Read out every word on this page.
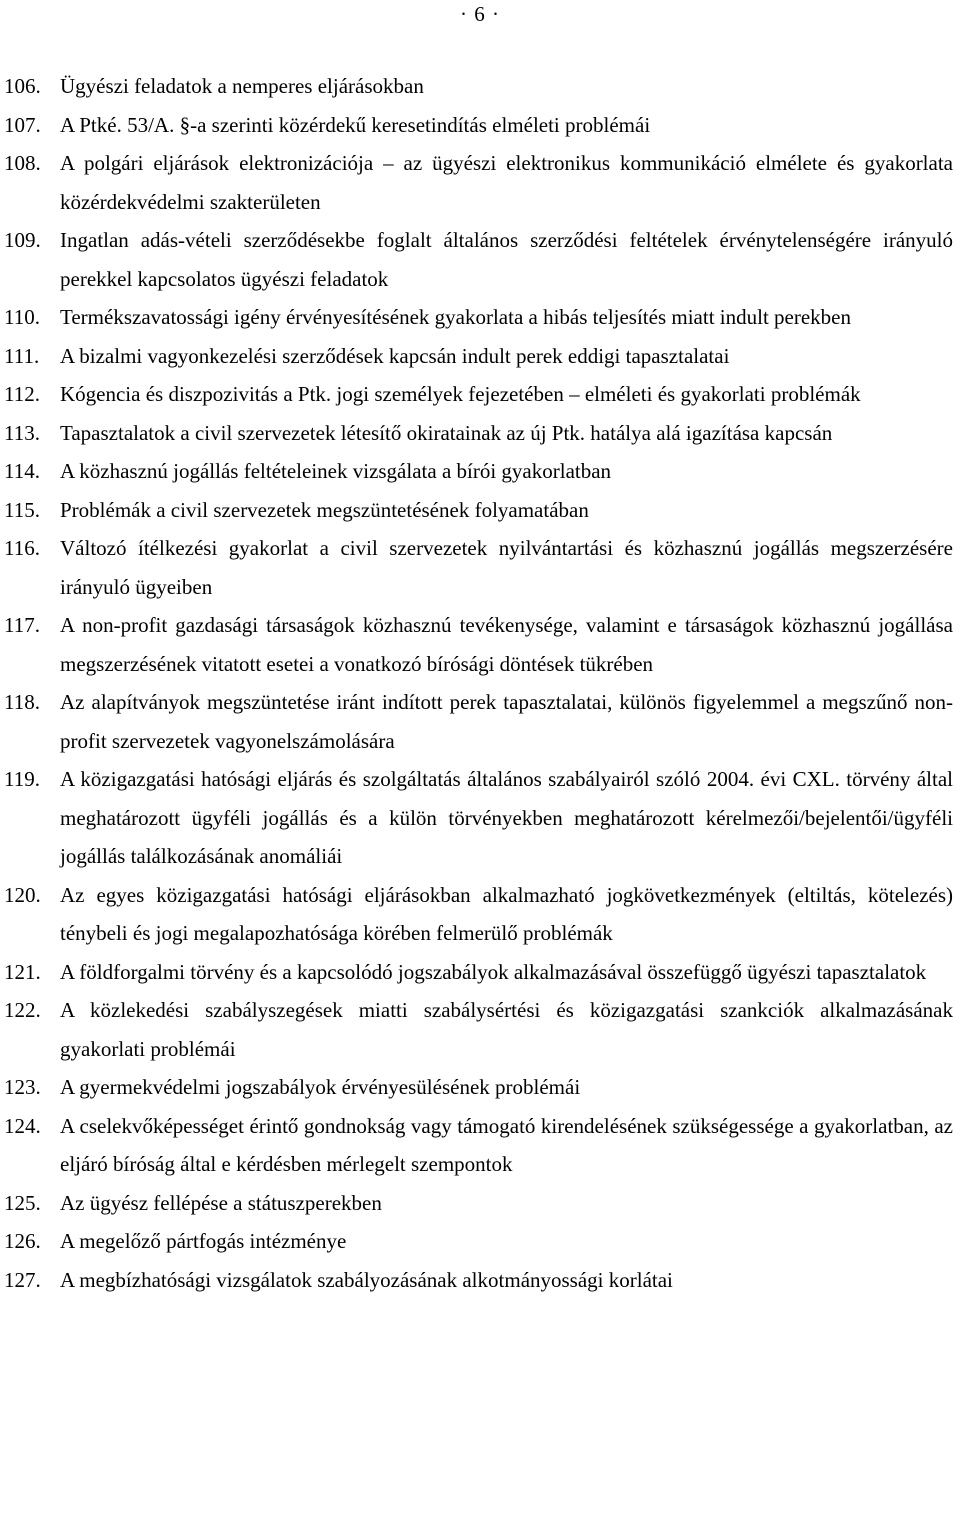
· 6 ·
106. Ügyészi feladatok a nemperes eljárásokban
107. A Ptké. 53/A. §-a szerinti közérdekű keresetindítás elméleti problémái
108. A polgári eljárások elektronizációja – az ügyészi elektronikus kommunikáció elmélete és gyakorlata közérdekvédelmi szakterületen
109. Ingatlan adás-vételi szerződésekbe foglalt általános szerződési feltételek érvénytelenségére irányuló perekkel kapcsolatos ügyészi feladatok
110. Termékszavatossági igény érvényesítésének gyakorlata a hibás teljesítés miatt indult perekben
111. A bizalmi vagyonkezelési szerződések kapcsán indult perek eddigi tapasztalatai
112. Kógencia és diszpozivitás a Ptk. jogi személyek fejezetében – elméleti és gyakorlati problémák
113. Tapasztalatok a civil szervezetek létesítő okiratainak az új Ptk. hatálya alá igazítása kapcsán
114. A közhasznú jogállás feltételeinek vizsgálata a bírói gyakorlatban
115. Problémák a civil szervezetek megszüntetésének folyamatában
116. Változó ítélkezési gyakorlat a civil szervezetek nyilvántartási és közhasznú jogállás megszerzésére irányuló ügyeiben
117. A non-profit gazdasági társaságok közhasznú tevékenysége, valamint e társaságok közhasznú jogállása megszerzésének vitatott esetei a vonatkozó bírósági döntések tükrében
118. Az alapítványok megszüntetése iránt indított perek tapasztalatai, különös figyelemmel a megszűnő non-profit szervezetek vagyonelszámolására
119. A közigazgatási hatósági eljárás és szolgáltatás általános szabályairól szóló 2004. évi CXL. törvény által meghatározott ügyféli jogállás és a külön törvényekben meghatározott kérelmezői/bejelentői/ügyféli jogállás találkozásának anomáliái
120. Az egyes közigazgatási hatósági eljárásokban alkalmazható jogkövetkezmények (eltiltás, kötelezés) ténybeli és jogi megalapozhatósága körében felmerülő problémák
121. A földforgalmi törvény és a kapcsolódó jogszabályok alkalmazásával összefüggő ügyészi tapasztalatok
122. A közlekedési szabályszegések miatti szabálysértési és közigazgatási szankciók alkalmazásának gyakorlati problémái
123. A gyermekvédelmi jogszabályok érvényesülésének problémái
124. A cselekvőképességet érintő gondnokság vagy támogató kirendelésének szükségessége a gyakorlatban, az eljáró bíróság által e kérdésben mérlegelt szempontok
125. Az ügyész fellépése a státuszperekben
126. A megelőző pártfogás intézménye
127. A megbízhatósági vizsgálatok szabályozásának alkotmányossági korlátai
